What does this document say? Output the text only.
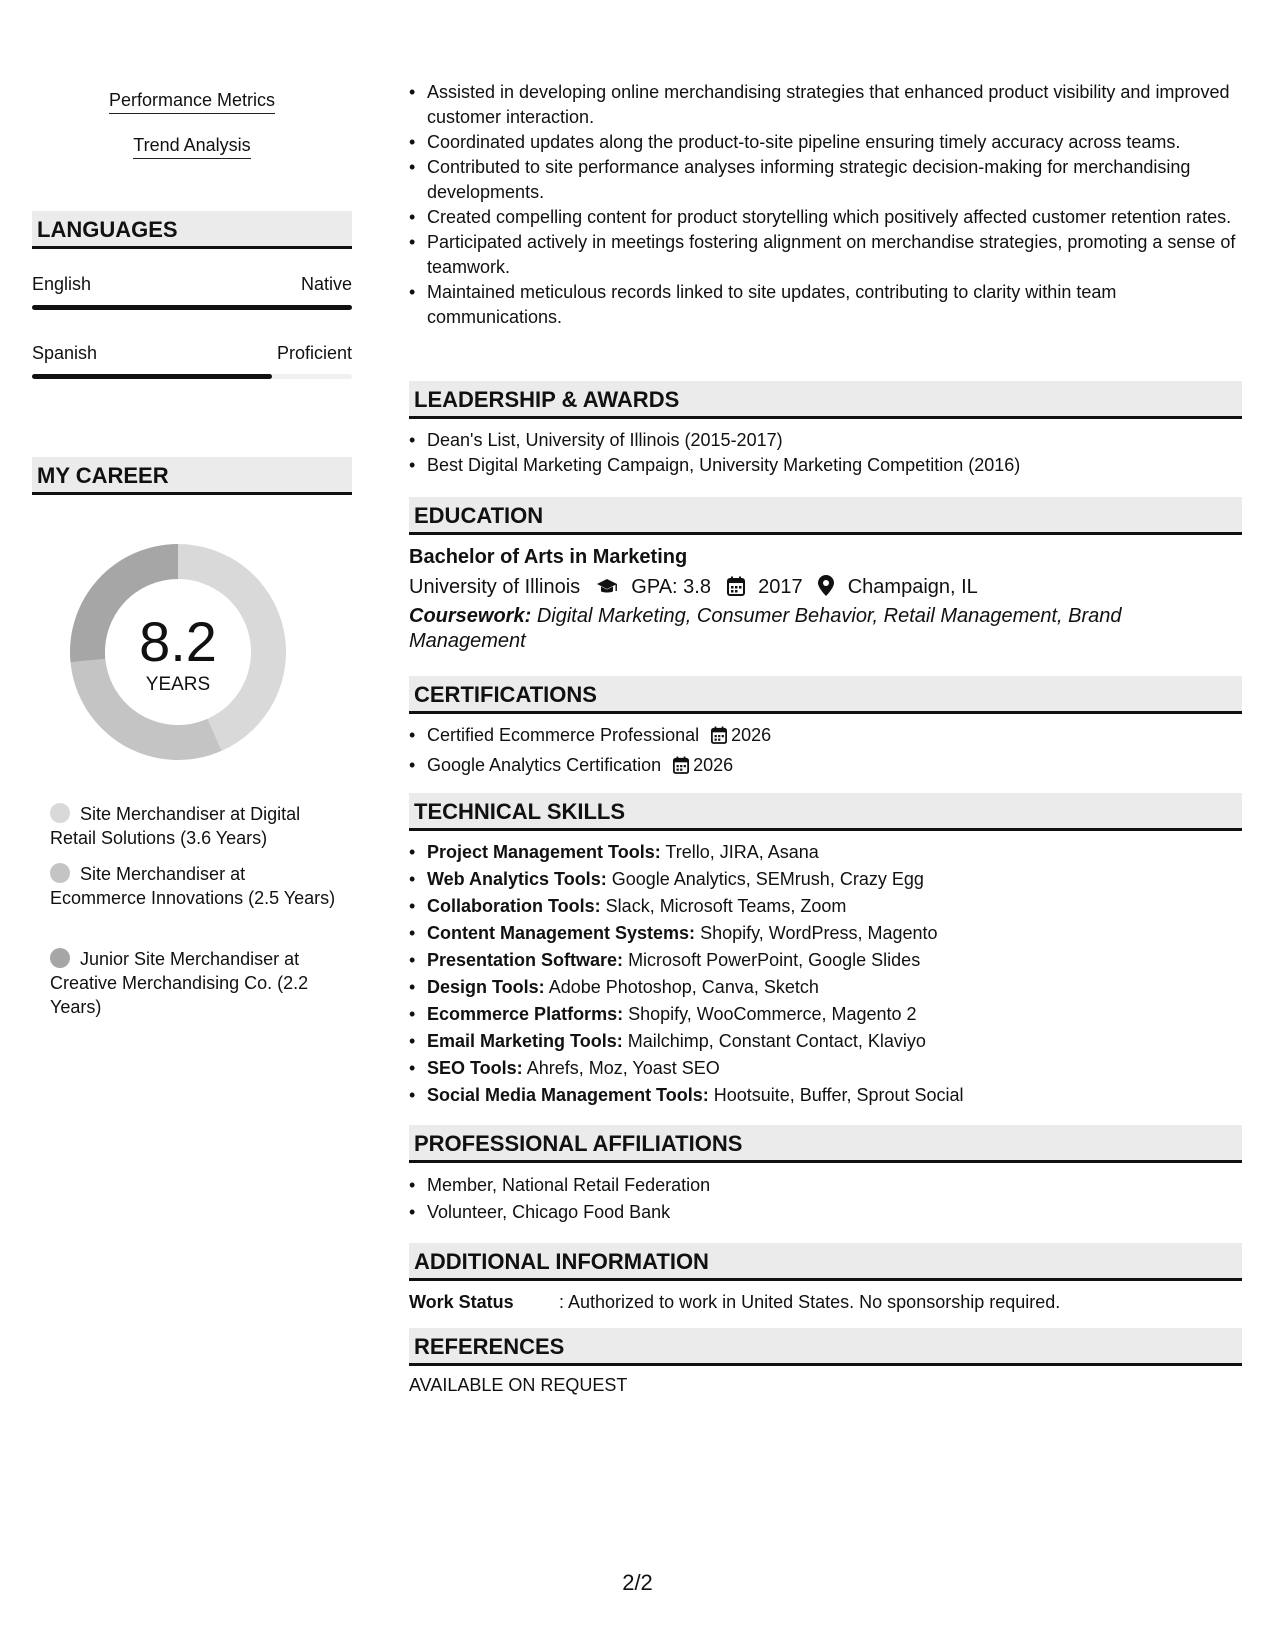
Performance Metrics
Trend Analysis
LANGUAGES
English	Native
Spanish	Proficient
MY CAREER
8.2
YEARS
Site Merchandiser at Digital Retail Solutions (3.6 Years)
Site Merchandiser at Ecommerce Innovations (2.5 Years)
Junior Site Merchandiser at Creative Merchandising Co. (2.2 Years)
• Assisted in developing online merchandising strategies that enhanced product visibility and improved customer interaction.
• Coordinated updates along the product-to-site pipeline ensuring timely accuracy across teams.
• Contributed to site performance analyses informing strategic decision-making for merchandising developments.
• Created compelling content for product storytelling which positively affected customer retention rates.
• Participated actively in meetings fostering alignment on merchandise strategies, promoting a sense of teamwork.
• Maintained meticulous records linked to site updates, contributing to clarity within team communications.
LEADERSHIP & AWARDS
• Dean's List, University of Illinois (2015-2017)
• Best Digital Marketing Campaign, University Marketing Competition (2016)
EDUCATION
Bachelor of Arts in Marketing
University of Illinois	GPA: 3.8 2017 Champaign, IL
Coursework: Digital Marketing, Consumer Behavior, Retail Management, Brand Management
CERTIFICATIONS
• Certified Ecommerce Professional 2026
• Google Analytics Certification 2026
TECHNICAL SKILLS
• Project Management Tools: Trello, JIRA, Asana
• Web Analytics Tools: Google Analytics, SEMrush, Crazy Egg
• Collaboration Tools: Slack, Microsoft Teams, Zoom
• Content Management Systems: Shopify, WordPress, Magento
• Presentation Software: Microsoft PowerPoint, Google Slides
• Design Tools: Adobe Photoshop, Canva, Sketch
• Ecommerce Platforms: Shopify, WooCommerce, Magento 2
• Email Marketing Tools: Mailchimp, Constant Contact, Klaviyo
• SEO Tools: Ahrefs, Moz, Yoast SEO
• Social Media Management Tools: Hootsuite, Buffer, Sprout Social
PROFESSIONAL AFFILIATIONS
• Member, National Retail Federation
• Volunteer, Chicago Food Bank
ADDITIONAL INFORMATION
Work Status	: Authorized to work in United States. No sponsorship required.
REFERENCES
AVAILABLE ON REQUEST
2/2
